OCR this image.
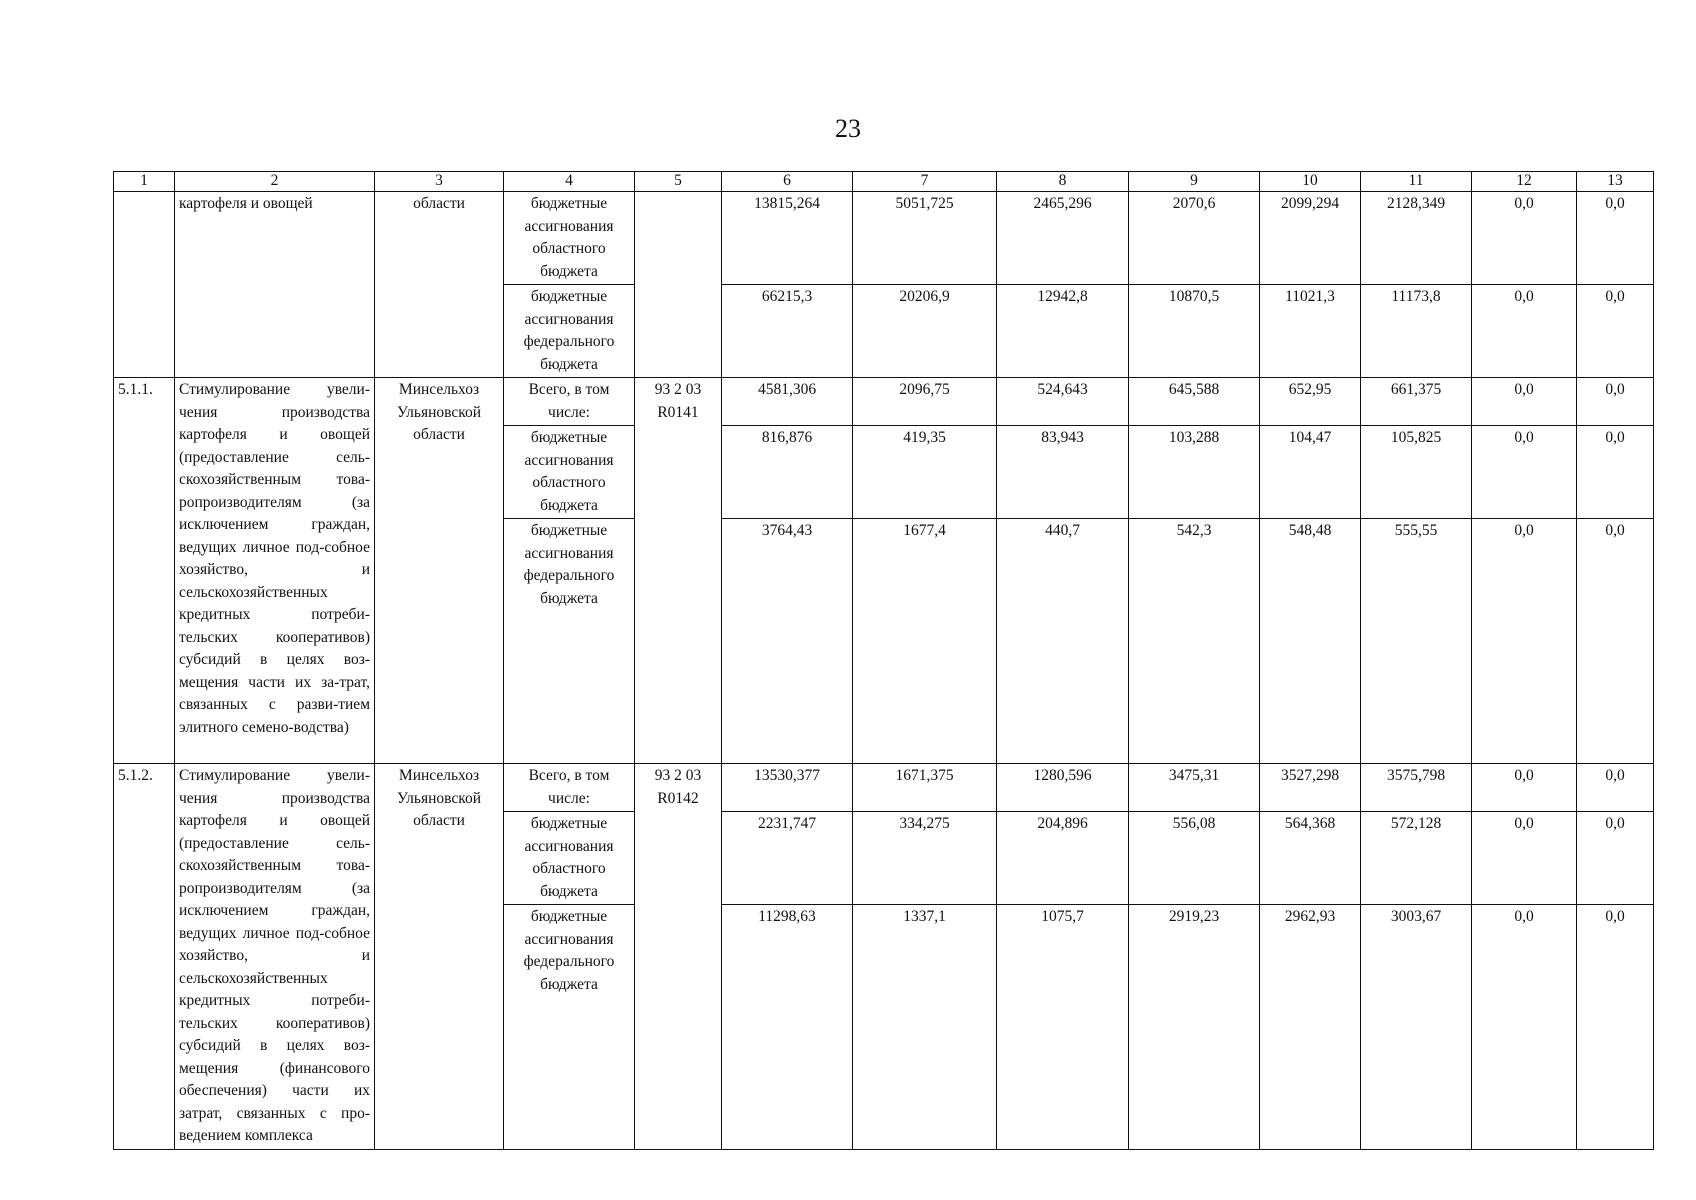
23
1	2	3	4	5	6	7	8	9	10	11	12	13
	картофеля и овощей	области	бюджетные ассигнования областного бюджета		13815,264	5051,725	2465,296	2070,6	2099,294	2128,349	0,0	0,0
			бюджетные ассигнования федерального бюджета		66215,3	20206,9	12942,8	10870,5	11021,3	11173,8	0,0	0,0
5.1.1.	Стимулирование увели-чения производства картофеля и овощей (предоставление сель-скохозяйственным това-ропроизводителям (за исключением граждан, ведущих личное под-собное хозяйство, и сельскохозяйственных кредитных потреби-тельских кооперативов) субсидий в целях воз-мещения части их за-трат, связанных с разви-тием элитного семено-водства)	Минсельхоз Ульяновской области	Всего, в том числе:	93 2 03 R0141	4581,306	2096,75	524,643	645,588	652,95	661,375	0,0	0,0
			бюджетные ассигнования областного бюджета		816,876	419,35	83,943	103,288	104,47	105,825	0,0	0,0
			бюджетные ассигнования федерального бюджета		3764,43	1677,4	440,7	542,3	548,48	555,55	0,0	0,0
5.1.2.	Стимулирование увели-чения производства картофеля и овощей (предоставление сель-скохозяйственным това-ропроизводителям (за исключением граждан, ведущих личное под-собное хозяйство, и сельскохозяйственных кредитных потреби-тельских кооперативов) субсидий в целях воз-мещения (финансового обеспечения) части их затрат, связанных с про-ведением комплекса	Минсельхоз Ульяновской области	Всего, в том числе:	93 2 03 R0142	13530,377	1671,375	1280,596	3475,31	3527,298	3575,798	0,0	0,0
			бюджетные ассигнования областного бюджета		2231,747	334,275	204,896	556,08	564,368	572,128	0,0	0,0
			бюджетные ассигнования федерального бюджета		11298,63	1337,1	1075,7	2919,23	2962,93	3003,67	0,0	0,0
